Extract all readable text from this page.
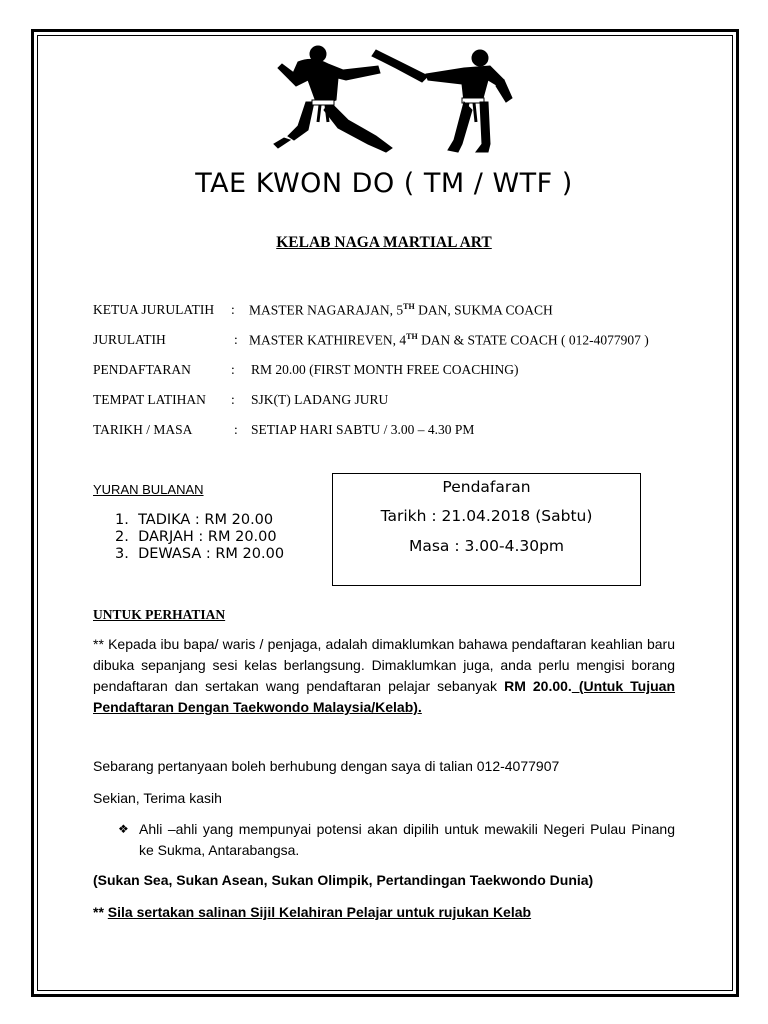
TAE KWON DO ( TM / WTF )
KELAB NAGA MARTIAL ART
KETUA JURULATIH : MASTER NAGARAJAN, 5TH DAN, SUKMA COACH
JURULATIH	: MASTER KATHIREVEN, 4TH DAN & STATE COACH ( 012-4077907 )
PENDAFTARAN	: RM 20.00 (FIRST MONTH FREE COACHING)
TEMPAT LATIHAN : SJK(T) LADANG JURU
TARIKH / MASA	: SETIAP HARI SABTU / 3.00 – 4.30 PM
YURAN BULANAN
1. TADIKA : RM 20.00
2. DARJAH : RM 20.00
3. DEWASA : RM 20.00
Pendafaran
Tarikh : 21.04.2018 (Sabtu)
Masa : 3.00-4.30pm
UNTUK PERHATIAN
** Kepada ibu bapa/ waris / penjaga, adalah dimaklumkan bahawa pendaftaran keahlian baru dibuka sepanjang sesi kelas berlangsung. Dimaklumkan juga, anda perlu mengisi borang pendaftaran dan sertakan wang pendaftaran pelajar sebanyak RM 20.00. (Untuk Tujuan Pendaftaran Dengan Taekwondo Malaysia/Kelab).
Sebarang pertanyaan boleh berhubung dengan saya di talian 012-4077907
Sekian, Terima kasih
❖ Ahli –ahli yang mempunyai potensi akan dipilih untuk mewakili Negeri Pulau Pinang ke Sukma, Antarabangsa.
(Sukan Sea, Sukan Asean, Sukan Olimpik, Pertandingan Taekwondo Dunia)
** Sila sertakan salinan Sijil Kelahiran Pelajar untuk rujukan Kelab
